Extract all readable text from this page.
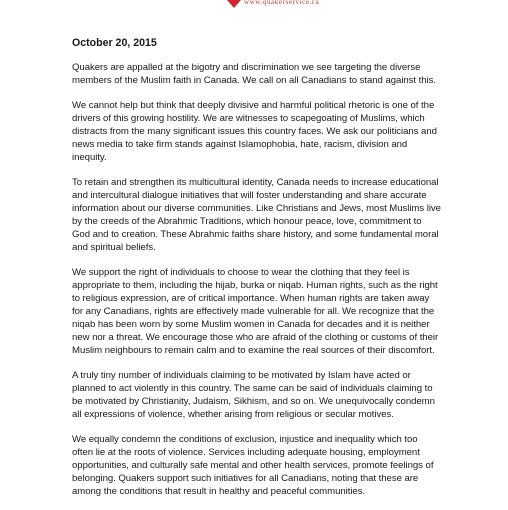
www.quakerservice.ca
October 20, 2015
Quakers are appalled at the bigotry and discrimination we see targeting the diverse
members of the Muslim faith in Canada. We call on all Canadians to stand against this.
We cannot help but think that deeply divisive and harmful political rhetoric is one of the
drivers of this growing hostility. We are witnesses to scapegoating of Muslims, which
distracts from the many significant issues this country faces. We ask our politicians and
news media to take firm stands against Islamophobia, hate, racism, division and
inequity.
To retain and strengthen its multicultural identity, Canada needs to increase educational
and intercultural dialogue initiatives that will foster understanding and share accurate
information about our diverse communities. Like Christians and Jews, most Muslims live
by the creeds of the Abrahmic Traditions, which honour peace, love, commitment to
God and to creation. These Abrahmic faiths share history, and some fundamental moral
and spiritual beliefs.
We support the right of individuals to choose to wear the clothing that they feel is
appropriate to them, including the hijab, burka or niqab. Human rights, such as the right
to religious expression, are of critical importance. When human rights are taken away
for any Canadians, rights are effectively made vulnerable for all. We recognize that the
niqab has been worn by some Muslim women in Canada for decades and it is neither
new nor a threat. We encourage those who are afraid of the clothing or customs of their
Muslim neighbours to remain calm and to examine the real sources of their discomfort.
A truly tiny number of individuals claiming to be motivated by Islam have acted or
planned to act violently in this country. The same can be said of individuals claiming to
be motivated by Christianity, Judaism, Sikhism, and so on. We unequivocally condemn
all expressions of violence, whether arising from religious or secular motives.
We equally condemn the conditions of exclusion, injustice and inequality which too
often lie at the roots of violence. Services including adequate housing, employment
opportunities, and culturally safe mental and other health services, promote feelings of
belonging. Quakers support such initiatives for all Canadians, noting that these are
among the conditions that result in healthy and peaceful communities.
